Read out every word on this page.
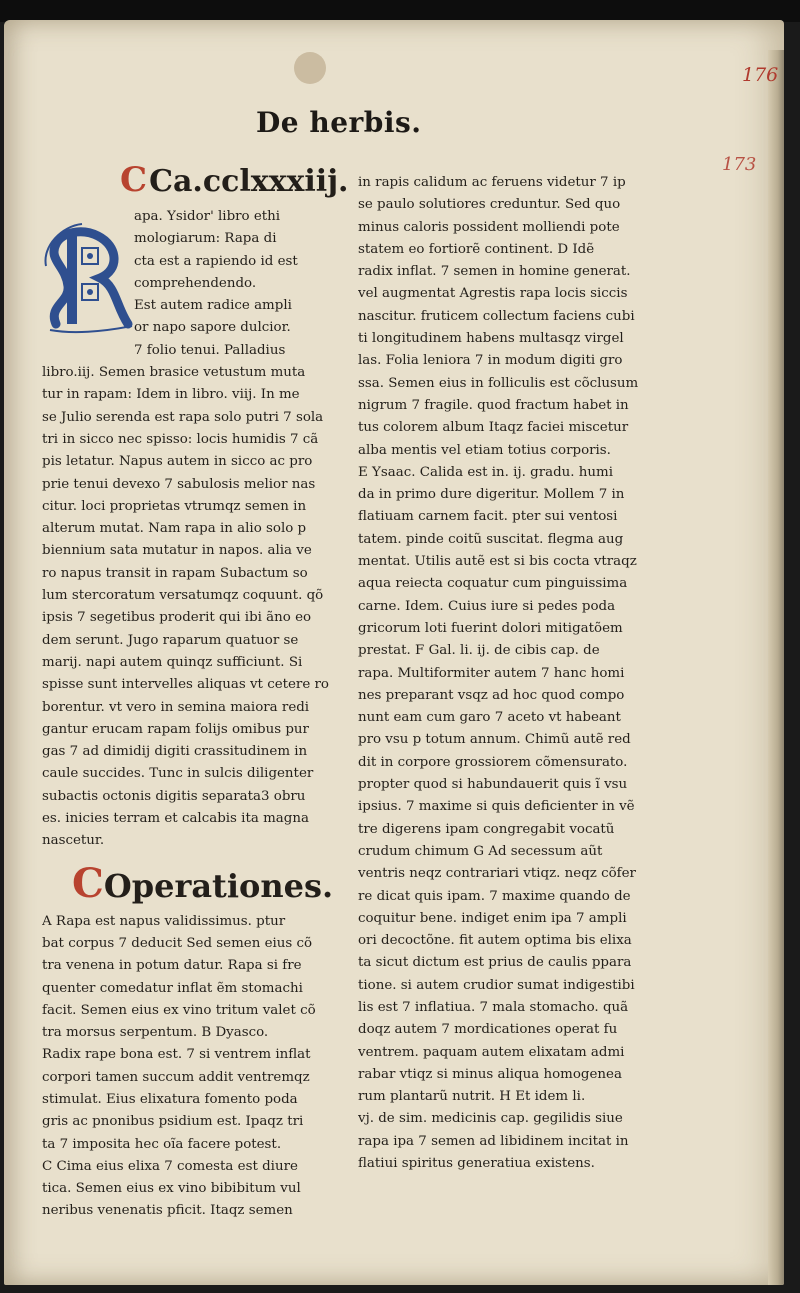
176
173
De herbis.
CCa.cclxxxiij.
apa. Ysidor' libro ethi
mologiarum: Rapa di
cta est a rapiendo id est
comprehendendo.
Est autem radice ampli
or napo sapore dulcior.
7 folio tenui. Palladius
libro.iij. Semen brasice vetustum muta
tur in rapam: Idem in libro. viij. In me
se Julio serenda est rapa solo putri 7 sola
tri in sicco nec spisso: locis humidis 7 cã
pis letatur. Napus autem in sicco ac pro
prie tenui devexo 7 sabulosis melior nas
citur. loci proprietas vtrumqz semen in
alterum mutat. Nam rapa in alio solo p
biennium sata mutatur in napos. alia ve
ro napus transit in rapam Subactum so
lum stercoratum versatumqz coquunt. qõ
ipsis 7 segetibus proderit qui ibi ãno eo
dem serunt. Jugo raparum quatuor se
marij. napi autem quinqz sufficiunt. Si
spisse sunt intervelles aliquas vt cetere ro
borentur. vt vero in semina maiora redi
gantur erucam rapam folijs omibus pur
gas 7 ad dimidij digiti crassitudinem in
caule succides. Tunc in sulcis diligenter
subactis octonis digitis separata3 obru
es. inicies terram et calcabis ita magna
nascetur.
COperationes.
A Rapa est napus validissimus. ptur
bat corpus 7 deducit Sed semen eius cõ
tra venena in potum datur. Rapa si fre
quenter comedatur inflat ẽm stomachi
facit. Semen eius ex vino tritum valet cõ
tra morsus serpentum. B Dyasco.
Radix rape bona est. 7 si ventrem inflat
corpori tamen succum addit ventremqz
stimulat. Eius elixatura fomento poda
gris ac pnonibus psidium est. Ipaqz tri
ta 7 imposita hec oĩa facere potest.
C Cima eius elixa 7 comesta est diure
tica. Semen eius ex vino bibibitum vul
neribus venenatis pficit. Itaqz semen
in rapis calidum ac feruens videtur 7 ip
se paulo solutiores creduntur. Sed quo
minus caloris possident molliendi pote
statem eo fortiorẽ continent. D Idẽ
radix inflat. 7 semen in homine generat.
vel augmentat Agrestis rapa locis siccis
nascitur. fruticem collectum faciens cubi
ti longitudinem habens multasqz virgel
las. Folia leniora 7 in modum digiti gro
ssa. Semen eius in folliculis est cõclusum
nigrum 7 fragile. quod fractum habet in
tus colorem album Itaqz faciei miscetur
alba mentis vel etiam totius corporis.
E Ysaac. Calida est in. ij. gradu. humi
da in primo dure digeritur. Mollem 7 in
flatiuam carnem facit. pter sui ventosi
tatem. pinde coitũ suscitat. flegma aug
mentat. Utilis autẽ est si bis cocta vtraqz
aqua reiecta coquatur cum pinguissima
carne. Idem. Cuius iure si pedes poda
gricorum loti fuerint dolori mitigatõem
prestat. F Gal. li. ij. de cibis cap. de
rapa. Multiformiter autem 7 hanc homi
nes preparant vsqz ad hoc quod compo
nunt eam cum garo 7 aceto vt habeant
pro vsu p totum annum. Chimũ autẽ red
dit in corpore grossiorem cõmensurato.
propter quod si habundauerit quis ĩ vsu
ipsius. 7 maxime si quis deficienter in vẽ
tre digerens ipam congregabit vocatũ
crudum chimum G Ad secessum aũt
ventris neqz contrariari vtiqz. neqz cõfer
re dicat quis ipam. 7 maxime quando de
coquitur bene. indiget enim ipa 7 ampli
ori decoctõne. fit autem optima bis elixa
ta sicut dictum est prius de caulis ppara
tione. si autem crudior sumat indigestibi
lis est 7 inflatiua. 7 mala stomacho. quã
doqz autem 7 mordicationes operat fu
ventrem. paquam autem elixatam admi
rabar vtiqz si minus aliqua homogenea
rum plantarũ nutrit. H Et idem li.
vj. de sim. medicinis cap. gegilidis siue
rapa ipa 7 semen ad libidinem incitat in
flatiui spiritus generatiua existens.
